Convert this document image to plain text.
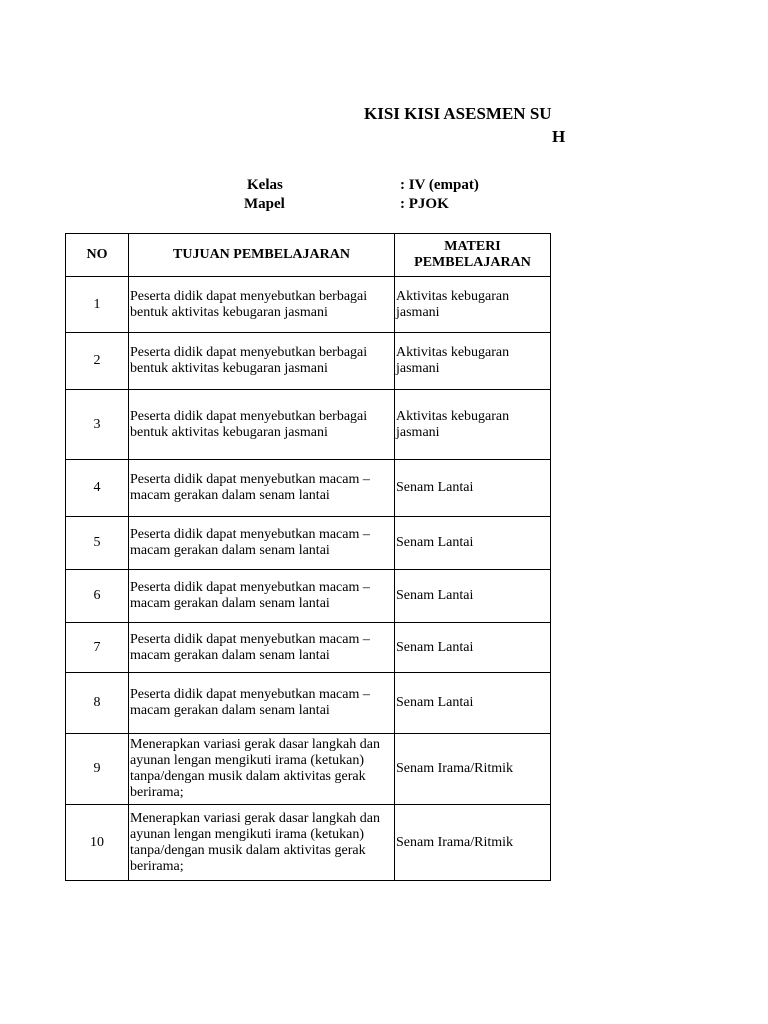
KISI KISI ASESMEN SU
H
Kelas	: IV (empat)
Mapel	: PJOK
NO	TUJUAN PEMBELAJARAN	MATERI PEMBELAJARAN
1	Peserta didik dapat menyebutkan berbagai bentuk aktivitas kebugaran jasmani	Aktivitas kebugaran jasmani
2	Peserta didik dapat menyebutkan berbagai bentuk aktivitas kebugaran jasmani	Aktivitas kebugaran jasmani
3	Peserta didik dapat menyebutkan berbagai bentuk aktivitas kebugaran jasmani	Aktivitas kebugaran jasmani
4	Peserta didik dapat menyebutkan macam – macam gerakan dalam senam lantai	Senam Lantai
5	Peserta didik dapat menyebutkan macam – macam gerakan dalam senam lantai	Senam Lantai
6	Peserta didik dapat menyebutkan macam – macam gerakan dalam senam lantai	Senam Lantai
7	Peserta didik dapat menyebutkan macam – macam gerakan dalam senam lantai	Senam Lantai
8	Peserta didik dapat menyebutkan macam – macam gerakan dalam senam lantai	Senam Lantai
9	Menerapkan variasi gerak dasar langkah dan ayunan lengan mengikuti irama (ketukan) tanpa/dengan musik dalam aktivitas gerak berirama;	Senam Irama/Ritmik
10	Menerapkan variasi gerak dasar langkah dan ayunan lengan mengikuti irama (ketukan) tanpa/dengan musik dalam aktivitas gerak berirama;	Senam Irama/Ritmik
